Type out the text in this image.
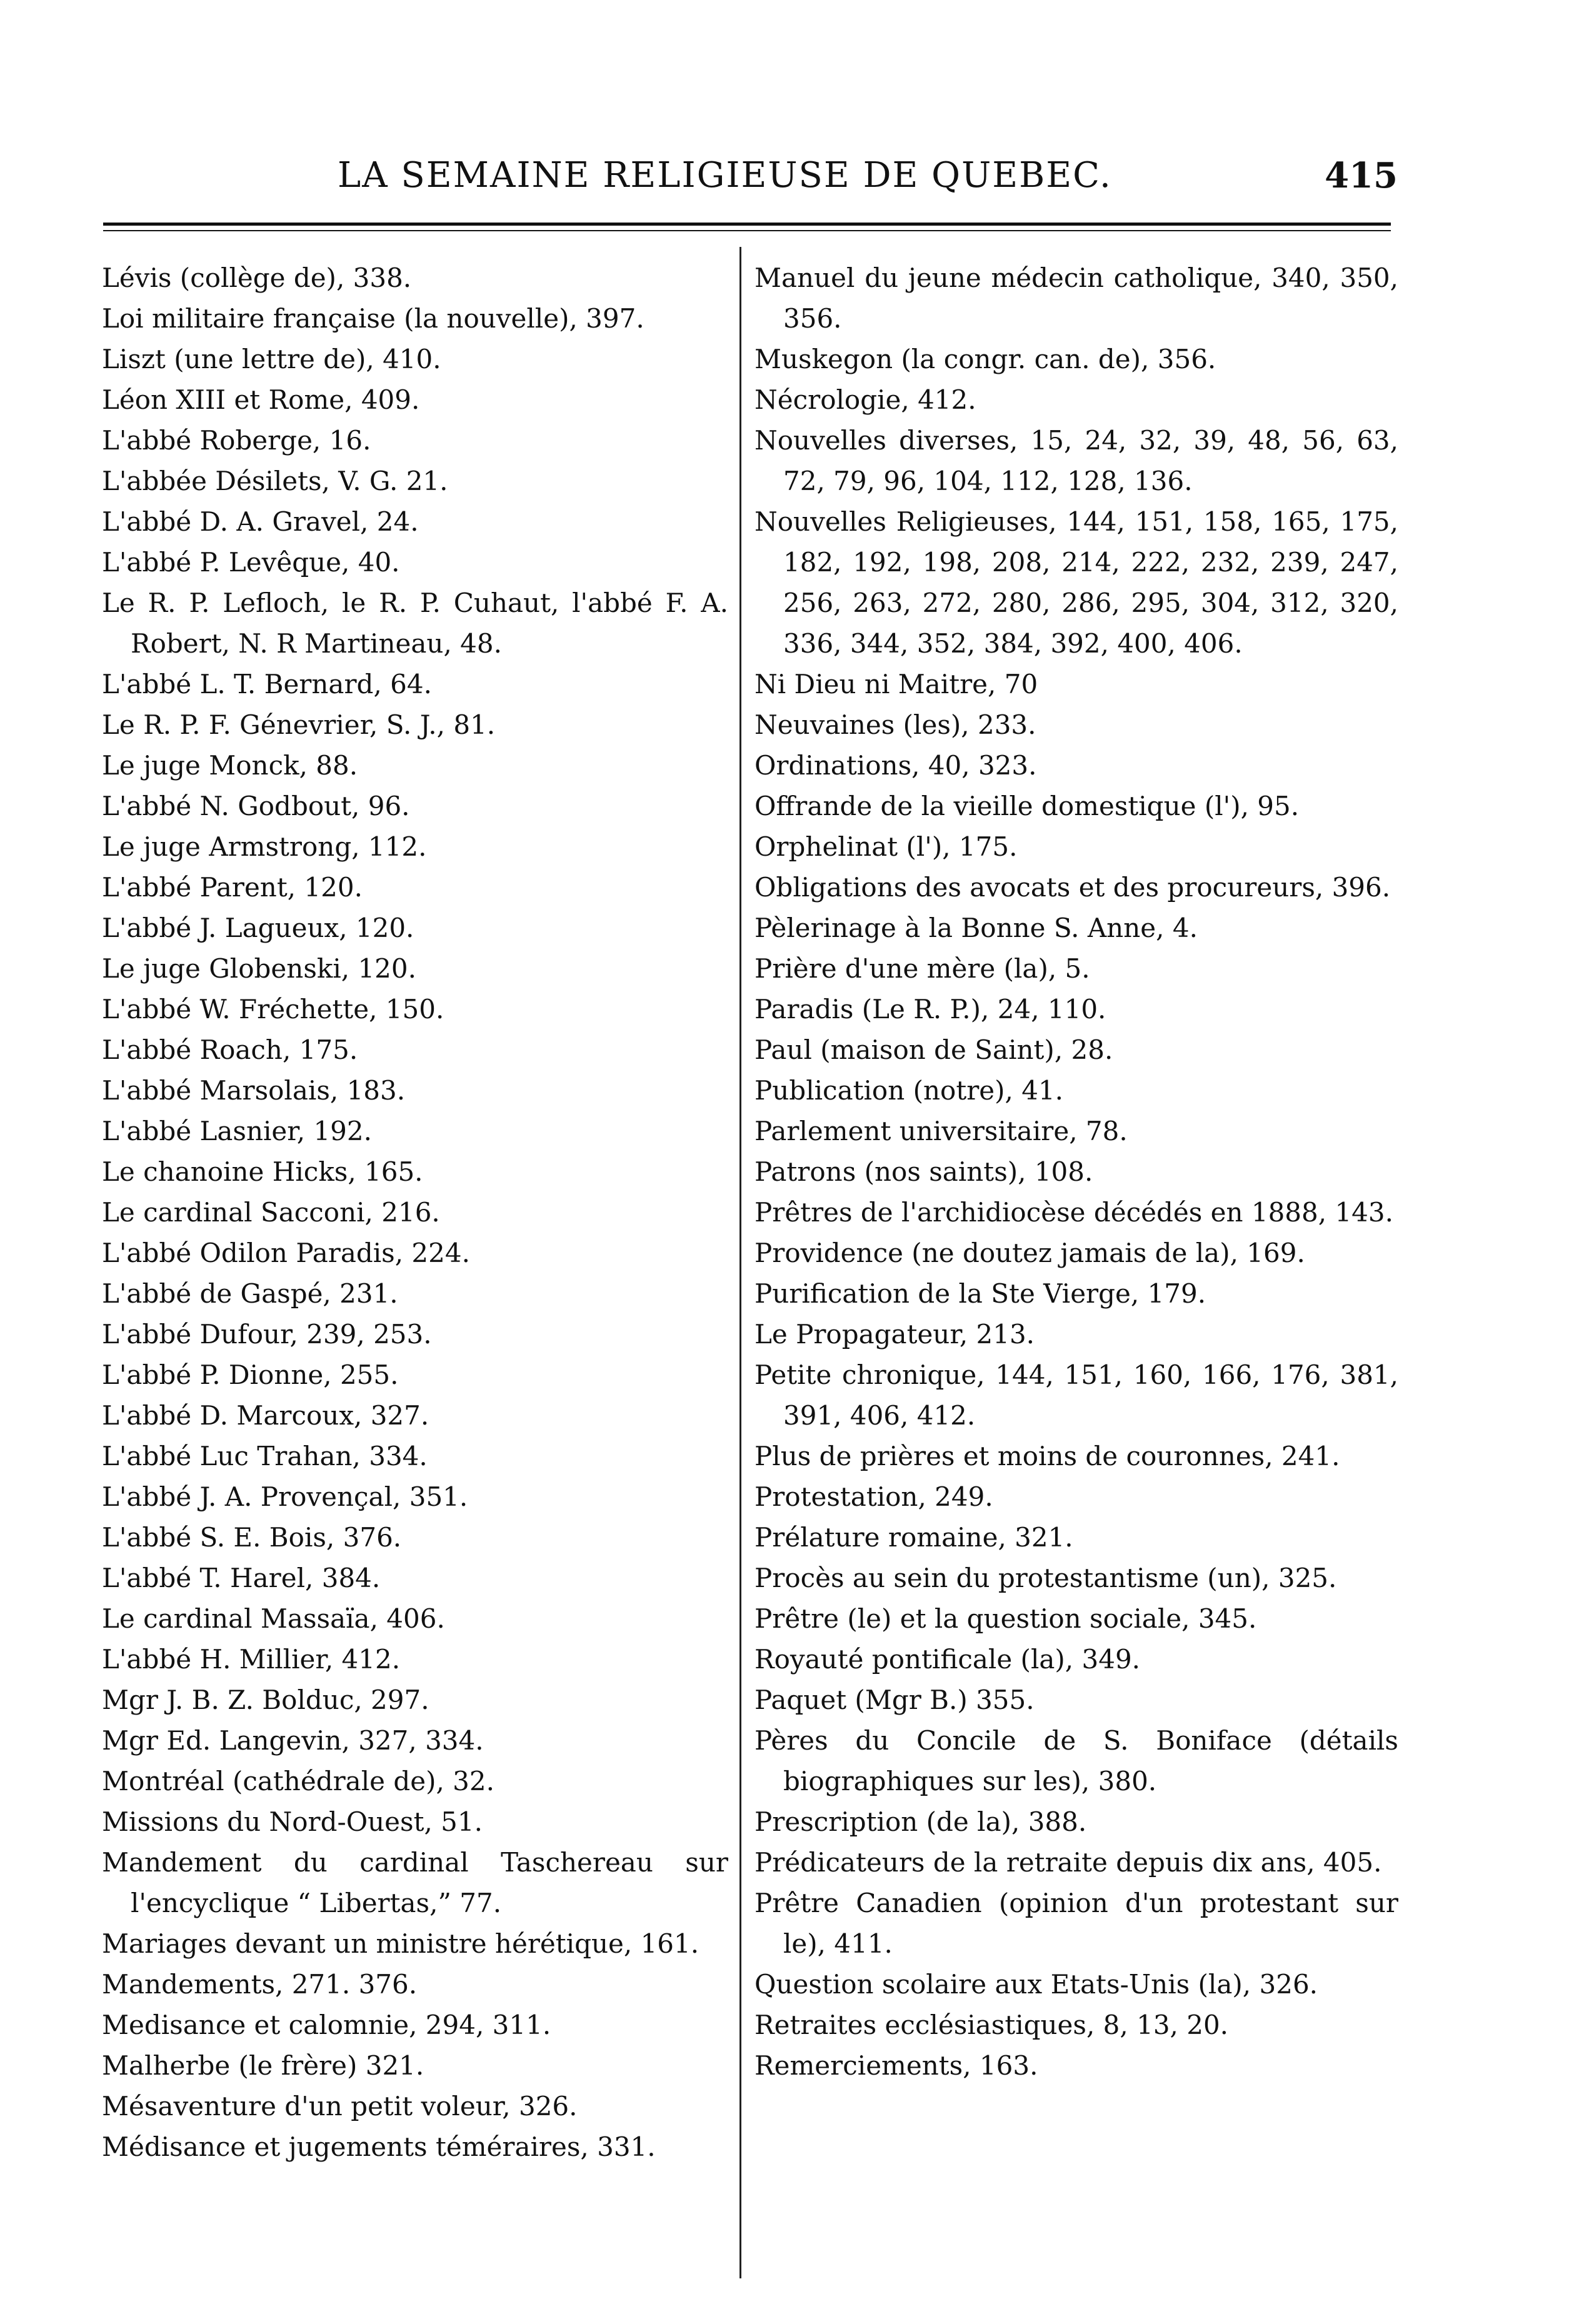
LA SEMAINE RELIGIEUSE DE QUEBEC.	415
Lévis (collège de), 338.
Loi militaire française (la nouvelle), 397.
Liszt (une lettre de), 410.
Léon XIII et Rome, 409.
L'abbé Roberge, 16.
L'abbée Désilets, V. G. 21.
L'abbé D. A. Gravel, 24.
L'abbé P. Levêque, 40.
Le R. P. Lefloch, le R. P. Cuhaut, l'abbé F. A. Robert, N. R Martineau, 48.
L'abbé L. T. Bernard, 64.
Le R. P. F. Génevrier, S. J., 81.
Le juge Monck, 88.
L'abbé N. Godbout, 96.
Le juge Armstrong, 112.
L'abbé Parent, 120.
L'abbé J. Lagueux, 120.
Le juge Globenski, 120.
L'abbé W. Fréchette, 150.
L'abbé Roach, 175.
L'abbé Marsolais, 183.
L'abbé Lasnier, 192.
Le chanoine Hicks, 165.
Le cardinal Sacconi, 216.
L'abbé Odilon Paradis, 224.
L'abbé de Gaspé, 231.
L'abbé Dufour, 239, 253.
L'abbé P. Dionne, 255.
L'abbé D. Marcoux, 327.
L'abbé Luc Trahan, 334.
L'abbé J. A. Provençal, 351.
L'abbé S. E. Bois, 376.
L'abbé T. Harel, 384.
Le cardinal Massaïa, 406.
L'abbé H. Millier, 412.
Mgr J. B. Z. Bolduc, 297.
Mgr Ed. Langevin, 327, 334.
Montréal (cathédrale de), 32.
Missions du Nord-Ouest, 51.
Mandement du cardinal Taschereau sur l'encyclique “ Libertas,” 77.
Mariages devant un ministre hérétique, 161.
Mandements, 271. 376.
Medisance et calomnie, 294, 311.
Malherbe (le frère) 321.
Mésaventure d'un petit voleur, 326.
Médisance et jugements téméraires, 331.
Manuel du jeune médecin catholique, 340, 350, 356.
Muskegon (la congr. can. de), 356.
Nécrologie, 412.
Nouvelles diverses, 15, 24, 32, 39, 48, 56, 63, 72, 79, 96, 104, 112, 128, 136.
Nouvelles Religieuses, 144, 151, 158, 165, 175, 182, 192, 198, 208, 214, 222, 232, 239, 247, 256, 263, 272, 280, 286, 295, 304, 312, 320, 336, 344, 352, 384, 392, 400, 406.
Ni Dieu ni Maitre, 70
Neuvaines (les), 233.
Ordinations, 40, 323.
Offrande de la vieille domestique (l'), 95.
Orphelinat (l'), 175.
Obligations des avocats et des procureurs, 396.
Pèlerinage à la Bonne S. Anne, 4.
Prière d'une mère (la), 5.
Paradis (Le R. P.), 24, 110.
Paul (maison de Saint), 28.
Publication (notre), 41.
Parlement universitaire, 78.
Patrons (nos saints), 108.
Prêtres de l'archidiocèse décédés en 1888, 143.
Providence (ne doutez jamais de la), 169.
Purification de la Ste Vierge, 179.
Le Propagateur, 213.
Petite chronique, 144, 151, 160, 166, 176, 381, 391, 406, 412.
Plus de prières et moins de couronnes, 241.
Protestation, 249.
Prélature romaine, 321.
Procès au sein du protestantisme (un), 325.
Prêtre (le) et la question sociale, 345.
Royauté pontificale (la), 349.
Paquet (Mgr B.) 355.
Pères du Concile de S. Boniface (détails biographiques sur les), 380.
Prescription (de la), 388.
Prédicateurs de la retraite depuis dix ans, 405.
Prêtre Canadien (opinion d'un protestant sur le), 411.
Question scolaire aux Etats-Unis (la), 326.
Retraites ecclésiastiques, 8, 13, 20.
Remerciements, 163.
